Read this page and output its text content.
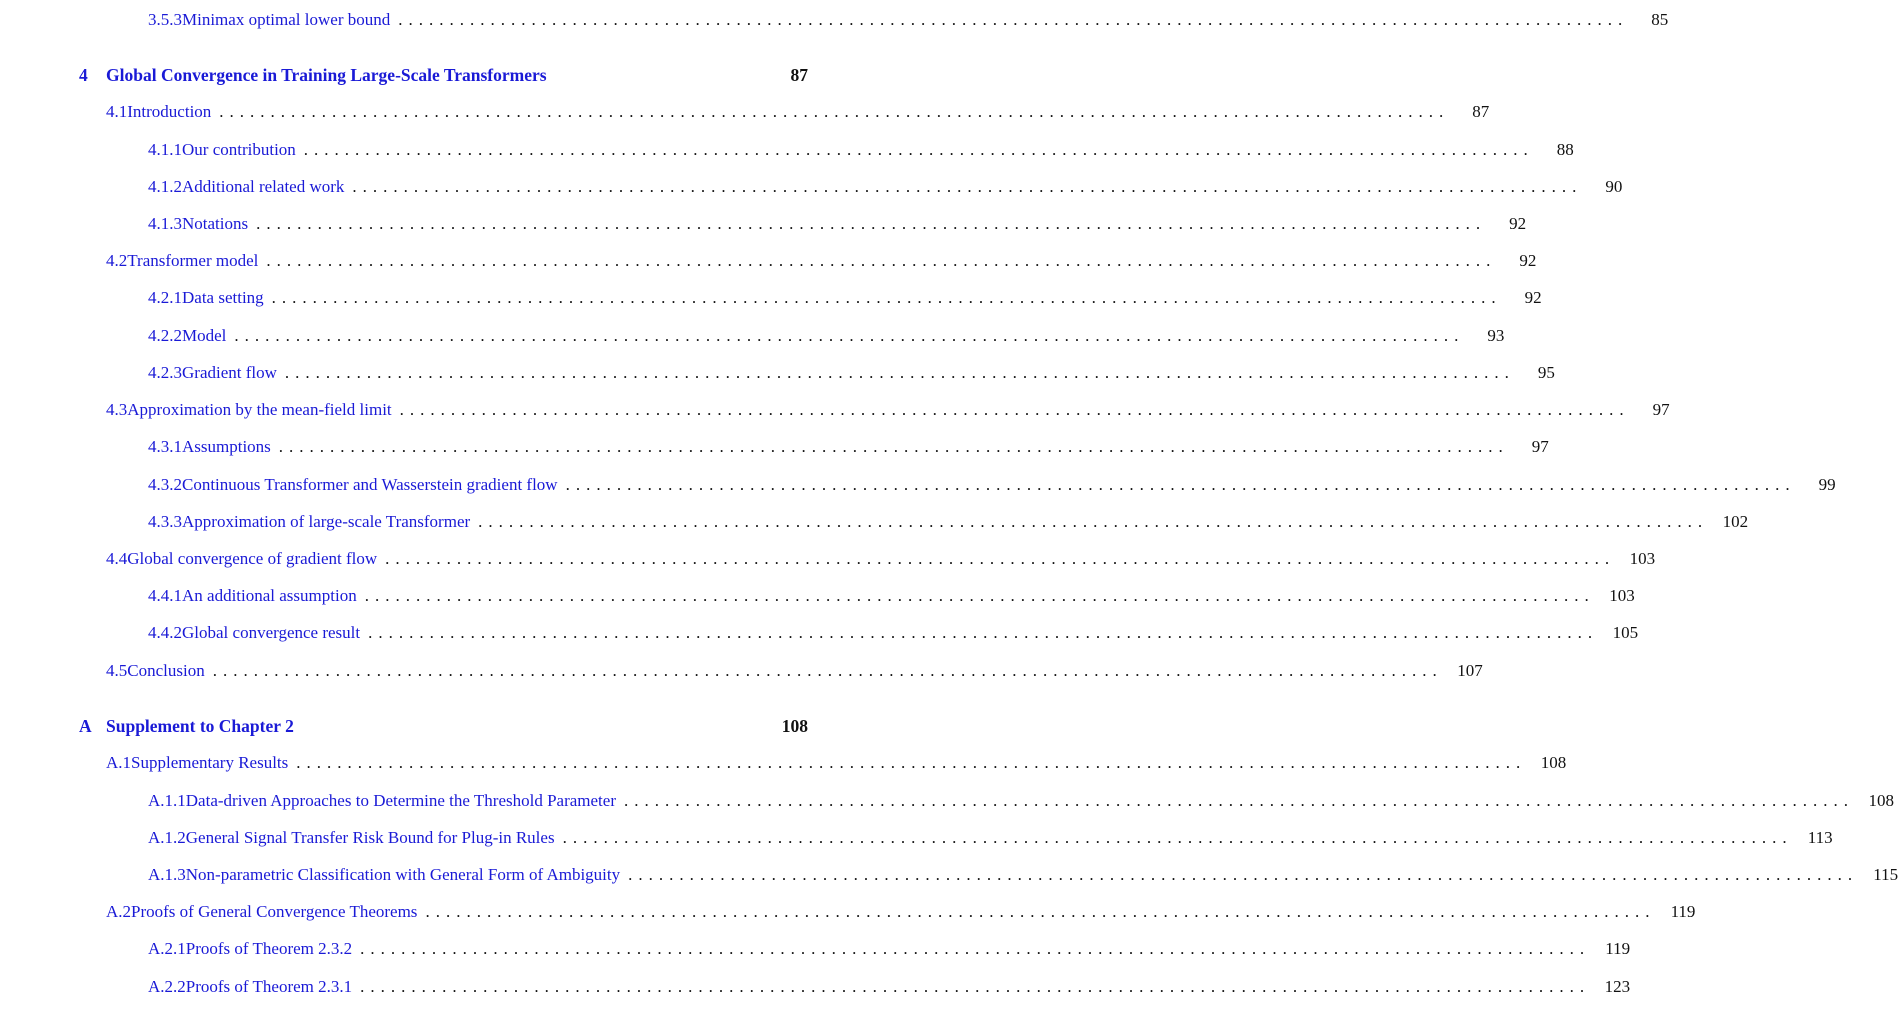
3.5.3 Minimax optimal lower bound ........................................................................................................................	85
4 Global Convergence in Training Large-Scale Transformers	87
4.1 Introduction ........................................................................................................................	87
4.1.1 Our contribution ........................................................................................................................	88
4.1.2 Additional related work ........................................................................................................................	90
4.1.3 Notations ........................................................................................................................	92
4.2 Transformer model ........................................................................................................................	92
4.2.1 Data setting ........................................................................................................................	92
4.2.2 Model ........................................................................................................................	93
4.2.3 Gradient flow ........................................................................................................................	95
4.3 Approximation by the mean-field limit ........................................................................................................................	97
4.3.1 Assumptions ........................................................................................................................	97
4.3.2 Continuous Transformer and Wasserstein gradient flow ........................................................................................................................	99
4.3.3 Approximation of large-scale Transformer ........................................................................................................................ 102
4.4 Global convergence of gradient flow ........................................................................................................................ 103
4.4.1 An additional assumption ........................................................................................................................ 103
4.4.2 Global convergence result ........................................................................................................................ 105
4.5 Conclusion ........................................................................................................................ 107
A Supplement to Chapter 2	108
A.1 Supplementary Results ........................................................................................................................ 108
A.1.1 Data-driven Approaches to Determine the Threshold Parameter ........................................................................................................................ 108
A.1.2 General Signal Transfer Risk Bound for Plug-in Rules ........................................................................................................................ 113
A.1.3 Non-parametric Classification with General Form of Ambiguity ........................................................................................................................ 115
A.2 Proofs of General Convergence Theorems ........................................................................................................................ 119
A.2.1 Proofs of Theorem 2.3.2 ........................................................................................................................ 119
A.2.2 Proofs of Theorem 2.3.1 ........................................................................................................................ 123
